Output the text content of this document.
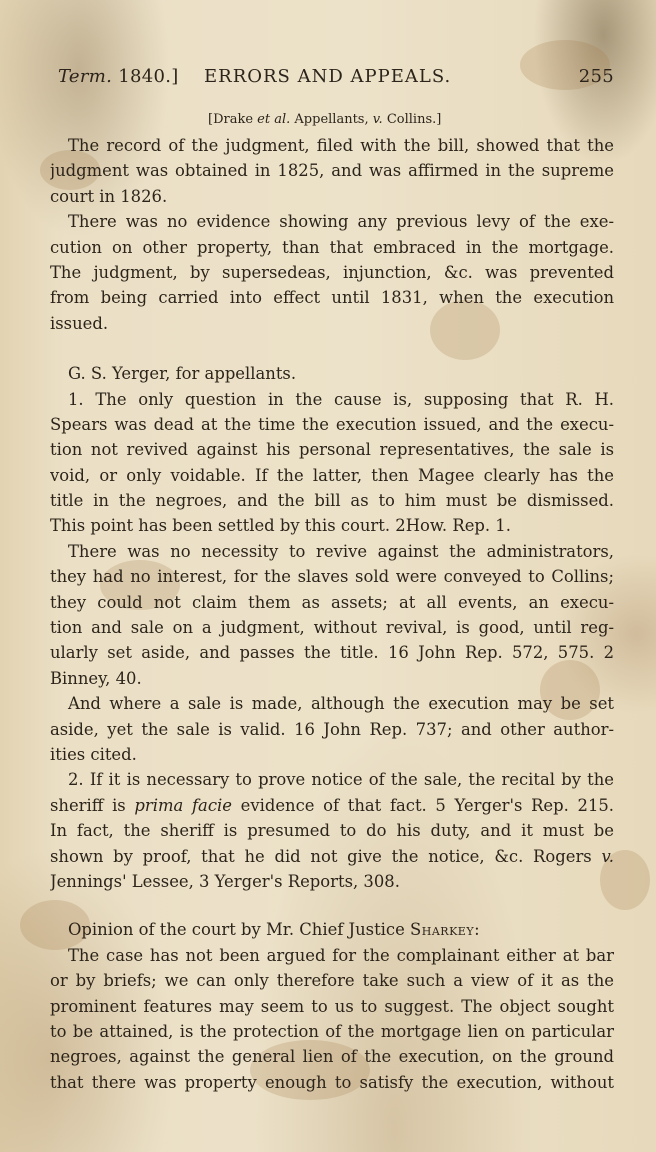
Term. 1840.] ERRORS AND APPEALS.	255
[Drake et al. Appellants, v. Collins.]
The record of the judgment, filed with the bill, showed that the
judgment was obtained in 1825, and was affirmed in the supreme
court in 1826.
There was no evidence showing any previous levy of the exe-
cution on other property, than that embraced in the mortgage.
The judgment, by supersedeas, injunction, &c. was prevented
from being carried into effect until 1831, when the execution
issued.
G. S. Yerger, for appellants.
1. The only question in the cause is, supposing that R. H.
Spears was dead at the time the execution issued, and the execu-
tion not revived against his personal representatives, the sale is
void, or only voidable. If the latter, then Magee clearly has the
title in the negroes, and the bill as to him must be dismissed.
This point has been settled by this court. 2How. Rep. 1.
There was no necessity to revive against the administrators,
they had no interest, for the slaves sold were conveyed to Collins;
they could not claim them as assets; at all events, an execu-
tion and sale on a judgment, without revival, is good, until reg-
ularly set aside, and passes the title. 16 John Rep. 572, 575. 2
Binney, 40.
And where a sale is made, although the execution may be set
aside, yet the sale is valid. 16 John Rep. 737; and other author-
ities cited.
2. If it is necessary to prove notice of the sale, the recital by the
sheriff is prima facie evidence of that fact. 5 Yerger's Rep. 215.
In fact, the sheriff is presumed to do his duty, and it must be
shown by proof, that he did not give the notice, &c. Rogers v.
Jennings' Lessee, 3 Yerger's Reports, 308.
Opinion of the court by Mr. Chief Justice Sharkey:
The case has not been argued for the complainant either at bar
or by briefs; we can only therefore take such a view of it as the
prominent features may seem to us to suggest. The object sought
to be attained, is the protection of the mortgage lien on particular
negroes, against the general lien of the execution, on the ground
that there was property enough to satisfy the execution, without
